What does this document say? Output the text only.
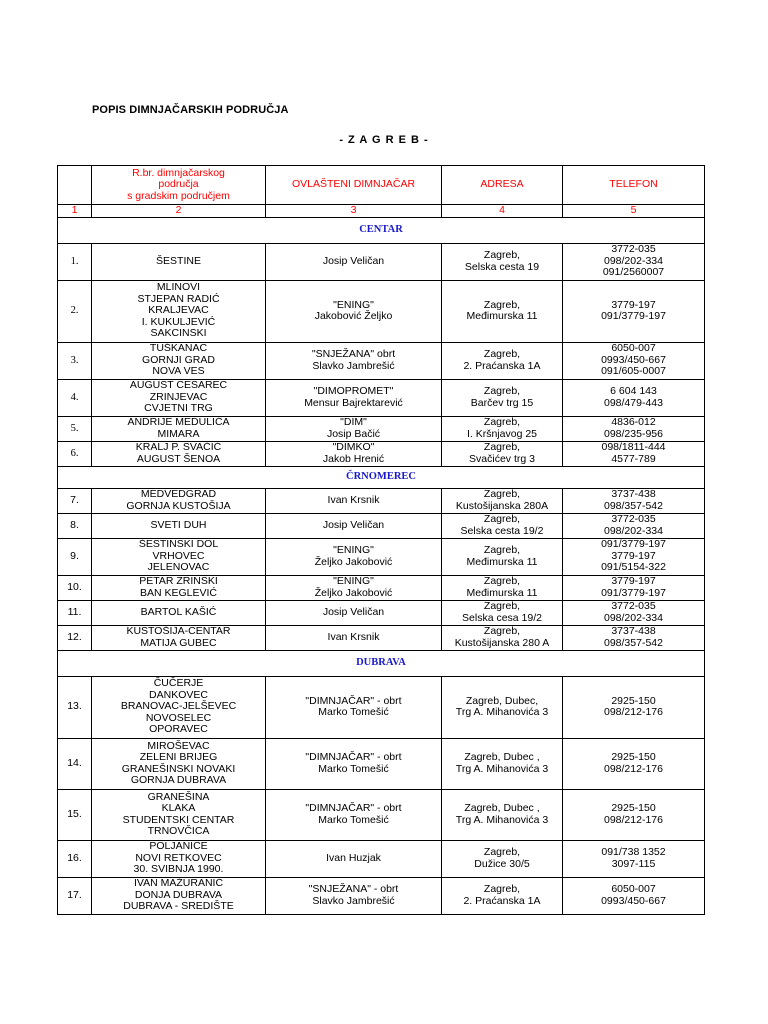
POPIS DIMNJAČARSKIH PODRUČJA
- Z A G R E B -

	R.br. dimnjačarskog
područja
s gradskim područjem	OVLAŠTENI DIMNJAČAR	ADRESA	TELEFON

1	2	3	4	5
CENTAR				
1.	ŠESTINE	Josip Veličan	Zagreb,
Selska cesta 19	3772-035
098/202-334
091/2560007

2.	MLINOVI
STJEPAN RADIĆ
KRALJEVAC
I. KUKULJEVIĆ
SAKCINSKI	"ENING"
Jakobović Željko	Zagreb,
Međimurska 11	3779-197
091/3779-197

3.	TUŠKANAC
GORNJI GRAD
NOVA VES	"SNJEŽANA" obrt
Slavko Jambrešić	Zagreb,
2. Praćanska 1A	6050-007
0993/450-667
091/605-0007

4.	AUGUST CESAREC
ZRINJEVAC
CVJETNI TRG	"DIMOPROMET"
Mensur Bajrektarević	Zagreb,
Barčev trg 15	6 604 143
098/479-443

5.	ANDRIJE MEDULIĆA
MIMARA	"DIM"
Josip Bačić	Zagreb,
I. Kršnjavog 25	4836-012
098/235-956

6.	KRALJ P. SVAČIĆ
AUGUST ŠENOA	"DIMKO"
Jakob Hrenić	Zagreb,
Svačićev trg 3	098/1811-444
4577-789

ČRNOMEREC				
7.	MEDVEDGRAD
GORNJA KUSTOŠIJA	Ivan Krsnik	Zagreb,
Kustošijanska 280A	3737-438
098/357-542

8.	SVETI DUH	Josip Veličan	Zagreb,
Selska cesta 19/2	3772-035
098/202-334

9.	ŠESTINSKI DOL
VRHOVEC
JELENOVAC	"ENING"
Željko Jakobović	Zagreb,
Međimurska 11	091/3779-197
3779-197
091/5154-322

10.	PETAR ZRINSKI
BAN KEGLEVIĆ	"ENING"
Željko Jakobović	Zagreb,
Međimurska 11	3779-197
091/3779-197

11.	BARTOL KAŠIĆ	Josip Veličan	Zagreb,
Selska cesa 19/2	3772-035
098/202-334

12.	KUSTOŠIJA-CENTAR
MATIJA GUBEC	Ivan Krsnik	Zagreb,
Kustošijanska 280 A	3737-438
098/357-542

DUBRAVA				
13.	ČUČERJE
DANKOVEC
BRANOVAC-JELŠEVEC
NOVOSELEC
OPORAVEC	"DIMNJAČAR" - obrt
Marko Tomešić	Zagreb, Dubec,
Trg A. Mihanovića 3	2925-150
098/212-176

14.	MIROŠEVAC
ZELENI BRIJEG
GRANEŠINSKI NOVAKI
GORNJA DUBRAVA	"DIMNJAČAR" - obrt
Marko Tomešić	Zagreb, Dubec ,
Trg A. Mihanovića 3	2925-150
098/212-176

15.	GRANEŠINA
KLAKA
STUDENTSKI CENTAR
TRNOVČICA	"DIMNJAČAR" - obrt
Marko Tomešić	Zagreb, Dubec ,
Trg A. Mihanovića 3	2925-150
098/212-176

16.	POLJANICE
NOVI RETKOVEC
30. SVIBNJA 1990.	Ivan Huzjak	Zagreb,
Dužice 30/5	091/738 1352
3097-115

17.	IVAN MAŽURANIĆ
DONJA DUBRAVA
DUBRAVA - SREDIŠTE	"SNJEŽANA" - obrt
Slavko Jambrešić	Zagreb,
2. Praćanska 1A	6050-007
0993/450-667
